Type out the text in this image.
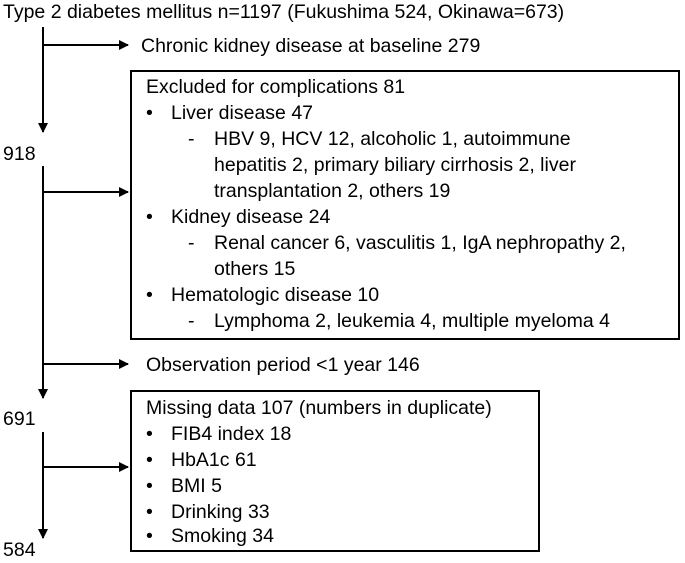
Type 2 diabetes mellitus n=1197 (Fukushima 524, Okinawa=673)
Chronic kidney disease at baseline 279
918
Excluded for complications 81
• Liver disease 47
- HBV 9, HCV 12, alcoholic 1, autoimmune
hepatitis 2, primary biliary cirrhosis 2, liver
transplantation 2, others 19
• Kidney disease 24
- Renal cancer 6, vasculitis 1, IgA nephropathy 2,
others 15
• Hematologic disease 10
- Lymphoma 2, leukemia 4, multiple myeloma 4
Observation period <1 year 146
691	Missing data 107 (numbers in duplicate)
• FIB4 index 18
• HbA1c 61
• BMI 5
• Drinking 33
• Smoking 34
584
